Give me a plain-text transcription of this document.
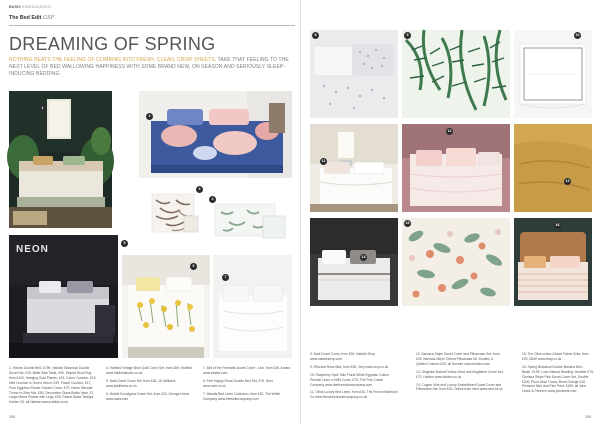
BUSHHOME&GARDEN
The Bed Edit GSF
DREAMING OF SPRING

NOTHING BEATS THE FEELING OF CLIMBING INTO FRESH, CLEAN, CRISP SHEETS, TAKE THAT FEELING TO THE NEXT LEVEL OF BED WALLOWING HAPPINESS WITH SOME BRAND NEW, ON SEASON AND SERIOUSLY SLEEP-INDUCING BEDDING.

1
2
3
4
NEON
5
6
7

1. Harlow Double Bed, £799, Habitat; Botanical Double Duvet Set, £26, Millie Sale Table, £99, Striped Wool Rug from £109, Hanging Gold Planter, £15, Ochre Cushion, £19, Mint Cushion in Green Velvet, £39, Pastel Cushion, £17, Pure Egyptian Flower Garden Cover, £79, Home Minimal Throw in Olive Mix, £59, Decorative Glass Bottle Vase, £7, Large Mixed Planter with Legs, £39, Faded Glass Tealight Holder, £5, all Habitat www.habitat.co.uk

4. Harfield Vintage Blue Quilt Cover Set, from £89, Harfield www.harfieldstudio.co.uk

5. Nala Duvet Cover Set, from £35, JD Williams www.jdwilliams.co.uk

6. Mobile Eucalyptus Duvet Set, from £30, George Home www.asda.com

7. Bell of the Fernbells Duvet Cover - Link, from £35, Amara www.amara.com

8. Feel Happy Floral Double Bed Set, £75, Next www.next.co.uk

7. Mandis Bed Linen Collection, from £30, The White Company www.thewhitecompany.com

108
8	9	10
11
12
13
14
15	16

9. Nola Duvet Cover, from £39, Natalie Shop www.natalieshop.com

9. Rita and Rose Bed, from £36, Very www.very.co.uk

10. Raspberry Spot Toile Floral White Egyptian Cotton Percale Linen in Wild Cover, £75, The Fine Cotton Company www.thefinecottoncompany.com

11. Olivia Luxury Bed Linen, from £40, The French Bedroom Co www.frenchbedroomcompany.co.uk

12. Barossa Stripe Duvet Cover and Pillowcase Set, from £33, Barossa Stripe Oxford Pillowcase £8, Dunelm & Quilted Cushion £29, all Dunelm www.dunelm.com

13. Gingham Natural Yellow Wool and Kingfisher Cover Set, £70, Hidden www.hidden.co.uk

14. Copper Mint and Luxury Embellished Duvet Cover and Pillowcase Set, from £30, Online from Next www.next.co.uk

15. The Olive cotton Oxford Fabric Sofa, from £29, B&W www.ebay.co.uk

16. Spring Botanical Double Banana Bed - Blush, £199, Love Natural Bedding; Heather £75, Chelsea Stripe Pink Duvet Cover Set, Double £200, Plum Wool Throw, Burnt Orange £30, Pleasure Mint and Pine Print, £199, all John Lewis & Partners www.johnlewis.com

109
